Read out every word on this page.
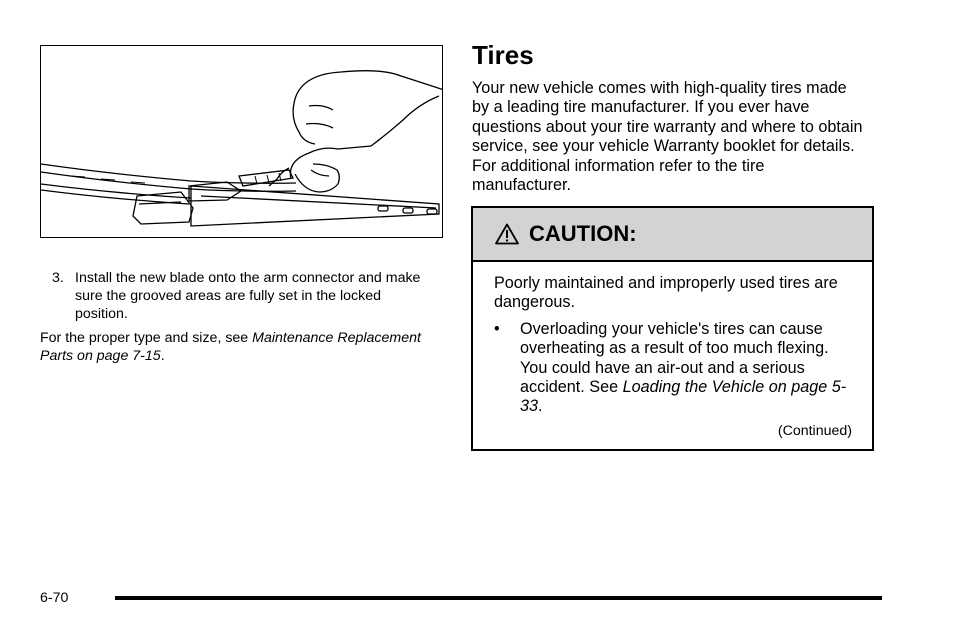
3. Install the new blade onto the arm connector and make sure the grooved areas are fully set in the locked position.

For the proper type and size, see Maintenance Replacement Parts on page 7-15.

Tires

Your new vehicle comes with high-quality tires made by a leading tire manufacturer. If you ever have questions about your tire warranty and where to obtain service, see your vehicle Warranty booklet for details. For additional information refer to the tire manufacturer.

CAUTION:

Poorly maintained and improperly used tires are dangerous.

• Overloading your vehicle's tires can cause overheating as a result of too much flexing. You could have an air-out and a serious accident. See Loading the Vehicle on page 5-33.
(Continued)
6-70
